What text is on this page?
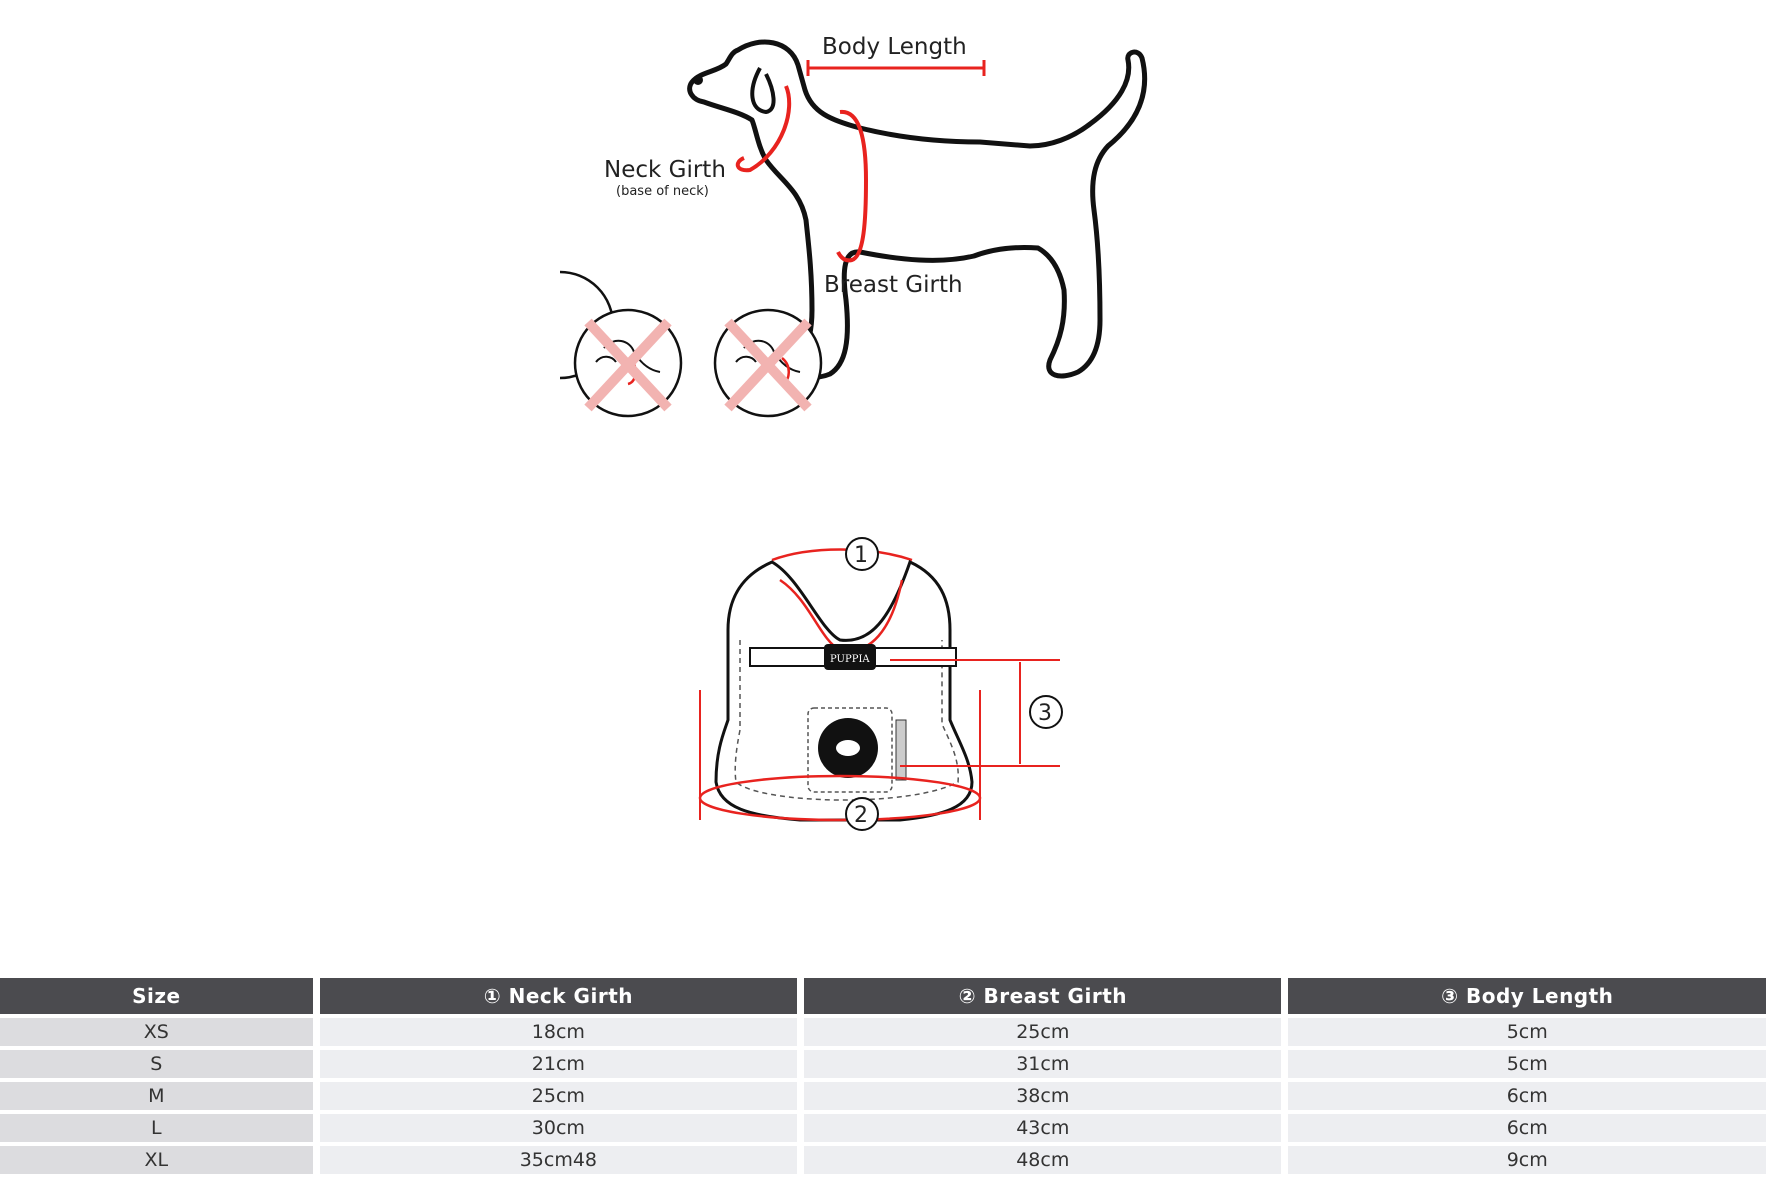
Body Length
Neck Girth
(base of neck)
Breast Girth
1
PUPPIA
3
2
Size	① Neck Girth	② Breast Girth	③ Body Length
XS	18cm	25cm	5cm
S	21cm	31cm	5cm
M	25cm	38cm	6cm
L	30cm	43cm	6cm
XL	35cm48	48cm	9cm
